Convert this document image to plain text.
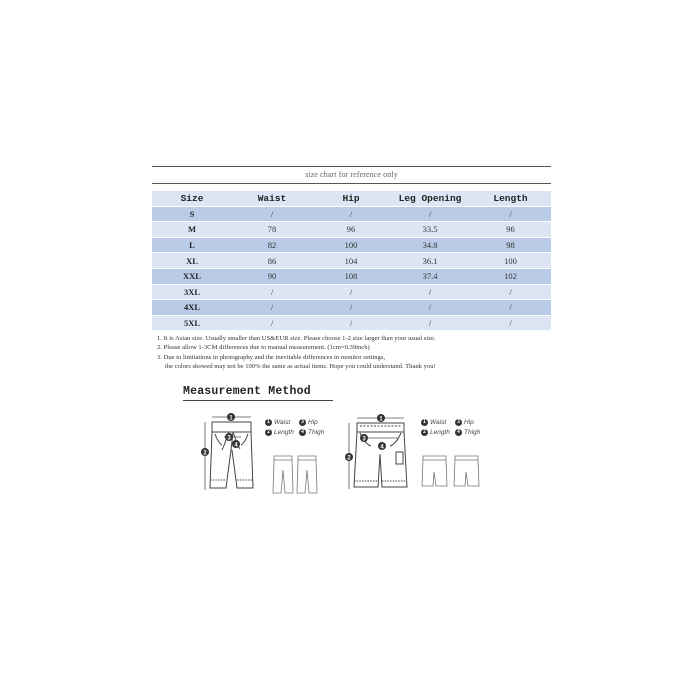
size chart for reference only
Size	Waist	Hip	Leg Opening	Length
S	/	/	/	/
M	78	96	33.5	96
L	82	100	34.8	98
XL	86	104	36.1	100
XXL	90	108	37.4	102
3XL	/	/	/	/
4XL	/	/	/	/
5XL	/	/	/	/
1. It is Asian size. Usually smaller than US&EUR size. Please choose 1-2 size larger than your usual size.
2. Please allow 1-3CM differences due to manual measurement. (1cm=0.39inch)
3. Due to limitations in photography and the inevitable differences in monitor settings,
the colors showed may not be 100% the same as actual items. Hope you could understand. Thank you!
Measurement Method
1
2
3
4
1
2
3
4
1 Waist	3 Hip
2 Length	4 Thigh
1 Waist	3 Hip
2 Length	4 Thigh
